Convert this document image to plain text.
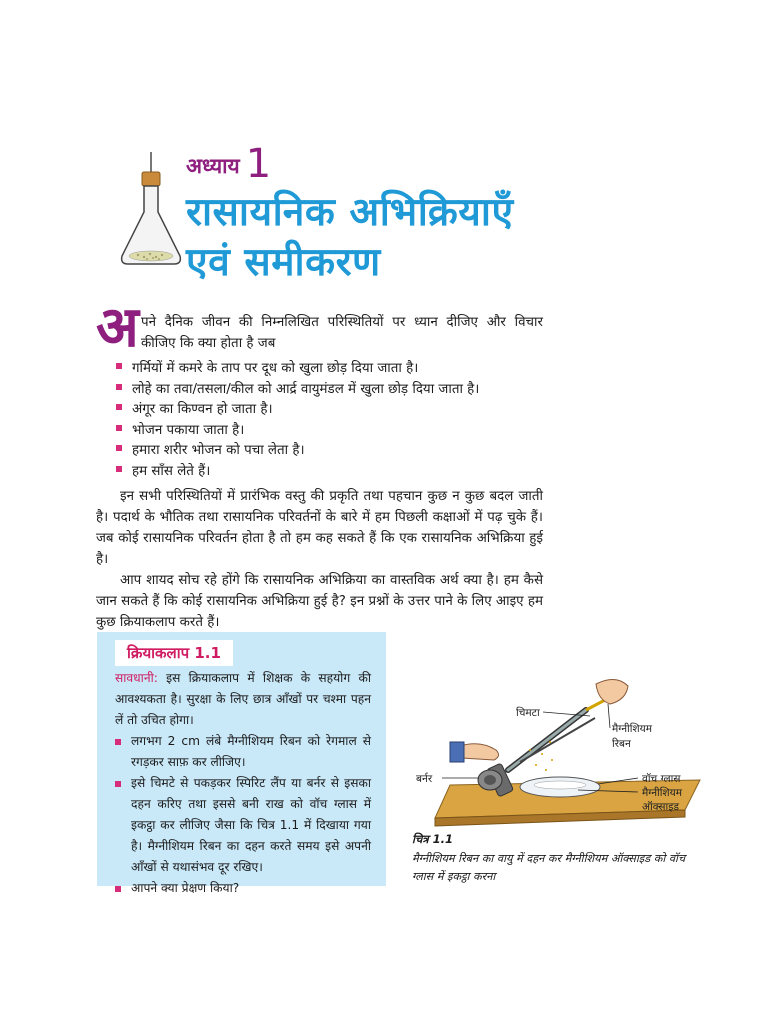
अध्याय 1
रासायनिक अभिक्रियाएँ
एवं समीकरण
अ पने दैनिक जीवन की निम्नलिखित परिस्थितियों पर ध्यान दीजिए और विचार
कीजिए कि क्या होता है जब
गर्मियों में कमरे के ताप पर दूध को खुला छोड़ दिया जाता है।
लोहे का तवा/तसला/कील को आर्द्र वायुमंडल में खुला छोड़ दिया जाता है।
अंगूर का किण्वन हो जाता है।
भोजन पकाया जाता है।
हमारा शरीर भोजन को पचा लेता है।
हम साँस लेते हैं।

इन सभी परिस्थितियों में प्रारंभिक वस्तु की प्रकृति तथा पहचान कुछ न कुछ बदल जाती है। पदार्थ के भौतिक तथा रासायनिक परिवर्तनों के बारे में हम पिछली कक्षाओं में पढ़ चुके हैं। जब कोई रासायनिक परिवर्तन होता है तो हम कह सकते हैं कि एक रासायनिक अभिक्रिया हुई है।

आप शायद सोच रहे होंगे कि रासायनिक अभिक्रिया का वास्तविक अर्थ क्या है। हम कैसे जान सकते हैं कि कोई रासायनिक अभिक्रिया हुई है? इन प्रश्नों के उत्तर पाने के लिए आइए हम कुछ क्रियाकलाप करते हैं।

क्रियाकलाप 1.1

सावधानी: इस क्रियाकलाप में शिक्षक के सहयोग की आवश्यकता है। सुरक्षा के लिए छात्र आँखों पर चश्मा पहन लें तो उचित होगा।

लगभग 2 cm लंबे मैग्नीशियम रिबन को रेगमाल से रगड़कर साफ़ कर लीजिए।
इसे चिमटे से पकड़कर स्पिरिट लैंप या बर्नर से इसका दहन करिए तथा इससे बनी राख को वॉच ग्लास में इकट्ठा कर लीजिए जैसा कि चित्र 1.1 में दिखाया गया है। मैग्नीशियम रिबन का दहन करते समय इसे अपनी आँखों से यथासंभव दूर रखिए।
आपने क्या प्रेक्षण किया?
चिमटा
मैग्नीशियम
रिबन
बर्नर	वॉच ग्लास
मैग्नीशियम
ऑक्साइड
चित्र 1.1
मैग्नीशियम रिबन का वायु में दहन कर मैग्नीशियम ऑक्साइड को वॉच ग्लास में इकट्ठा करना
